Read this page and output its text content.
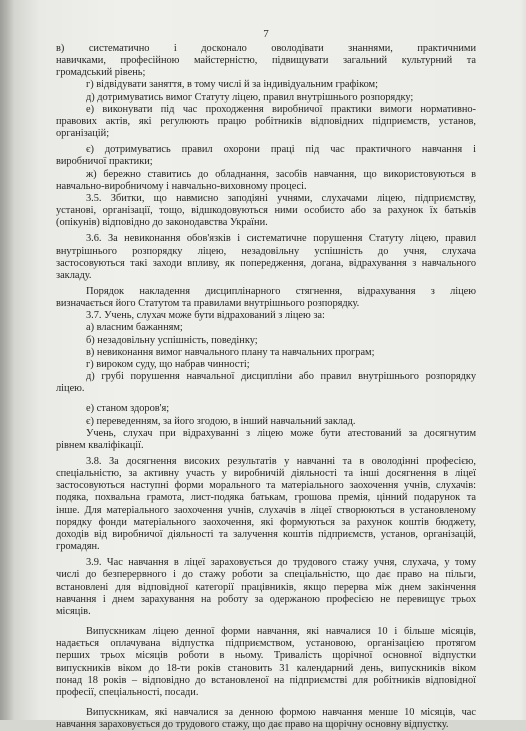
7

в) систематично і досконало оволодівати знаннями, практичними

навичками, професійною майстерністю, підвищувати загальний культурний та

громадський рівень;

г) відвідувати заняття, в тому числі й за індивідуальним графіком;

д) дотримуватись вимог Статуту ліцею, правил внутрішнього розпорядку;

е) виконувати під час проходження виробничої практики вимоги нормативно-

правових актів, які регулюють працю робітників відповідних підприємств, установ,

організацій;

є) дотримуватись правил охорони праці під час практичного навчання і

виробничої практики;

ж) бережно ставитись до обладнання, засобів навчання, що використовуються в

навчально-виробничому і навчально-виховному процесі.

3.5. Збитки, що навмисно заподіяні учнями, слухачами ліцею, підприємству,

установі, організації, тощо, відшкодовуються ними особисто або за рахунок їх батьків

(опікунів) відповідно до законодавства України.

3.6. За невиконання обов'язків і систематичне порушення Статуту ліцею, правил

внутрішнього розпорядку ліцею, незадовільну успішність до учня, слухача

застосовуються такі заходи впливу, як попередження, догана, відрахування з навчального

закладу.

Порядок накладення дисциплінарного стягнення, відрахування з ліцею

визначається його Статутом та правилами внутрішнього розпорядку.

3.7. Учень, слухач може бути відрахований з ліцею за:

а) власним бажанням;

б) незадовільну успішність, поведінку;

в) невиконання вимог навчального плану та навчальних програм;

г) вироком суду, що набрав чинності;

д) грубі порушення навчальної дисципліни або правил внутрішнього розпорядку

ліцею.

е) станом здоров'я;

є) переведенням, за його згодою, в інший навчальний заклад.

Учень, слухач при відрахуванні з ліцею може бути атестований за досягнутим

рівнем кваліфікації.

3.8. За досягнення високих результатів у навчанні та в оволодінні професією,

спеціальністю, за активну участь у виробничій діяльності та інші досягнення в ліцеї

застосовуються наступні форми морального та матеріального заохочення учнів, слухачів:

подяка, похвальна грамота, лист-подяка батькам, грошова премія, цінний подарунок та

інше. Для матеріального заохочення учнів, слухачів в ліцеї створюються в установленому

порядку фонди матеріального заохочення, які формуються за рахунок коштів бюджету,

доходів від виробничої діяльності та залучення коштів підприємств, установ, організацій,

громадян.

3.9. Час навчання в ліцеї зараховується до трудового стажу учня, слухача, у тому

числі до безперервного і до стажу роботи за спеціальністю, що дає право на пільги,

встановлені для відповідної категорії працівників, якщо перерва між днем закінчення

навчання і днем зарахування на роботу за одержаною професією не перевищує трьох

місяців.

Випускникам ліцею денної форми навчання, які навчалися 10 і більше місяців,

надається оплачувана відпустка підприємством, установою, організацією протягом

перших трьох місяців роботи в ньому. Тривалість щорічної основної відпустки

випускників віком до 18-ти років становить 31 календарний день, випускників віком

понад 18 років – відповідно до встановленої на підприємстві для робітників відповідної

професії, спеціальності, посади.

Випускникам, які навчалися за денною формою навчання менше 10 місяців, час

навчання зараховується до трудового стажу, що дає право на щорічну основну відпустку.
